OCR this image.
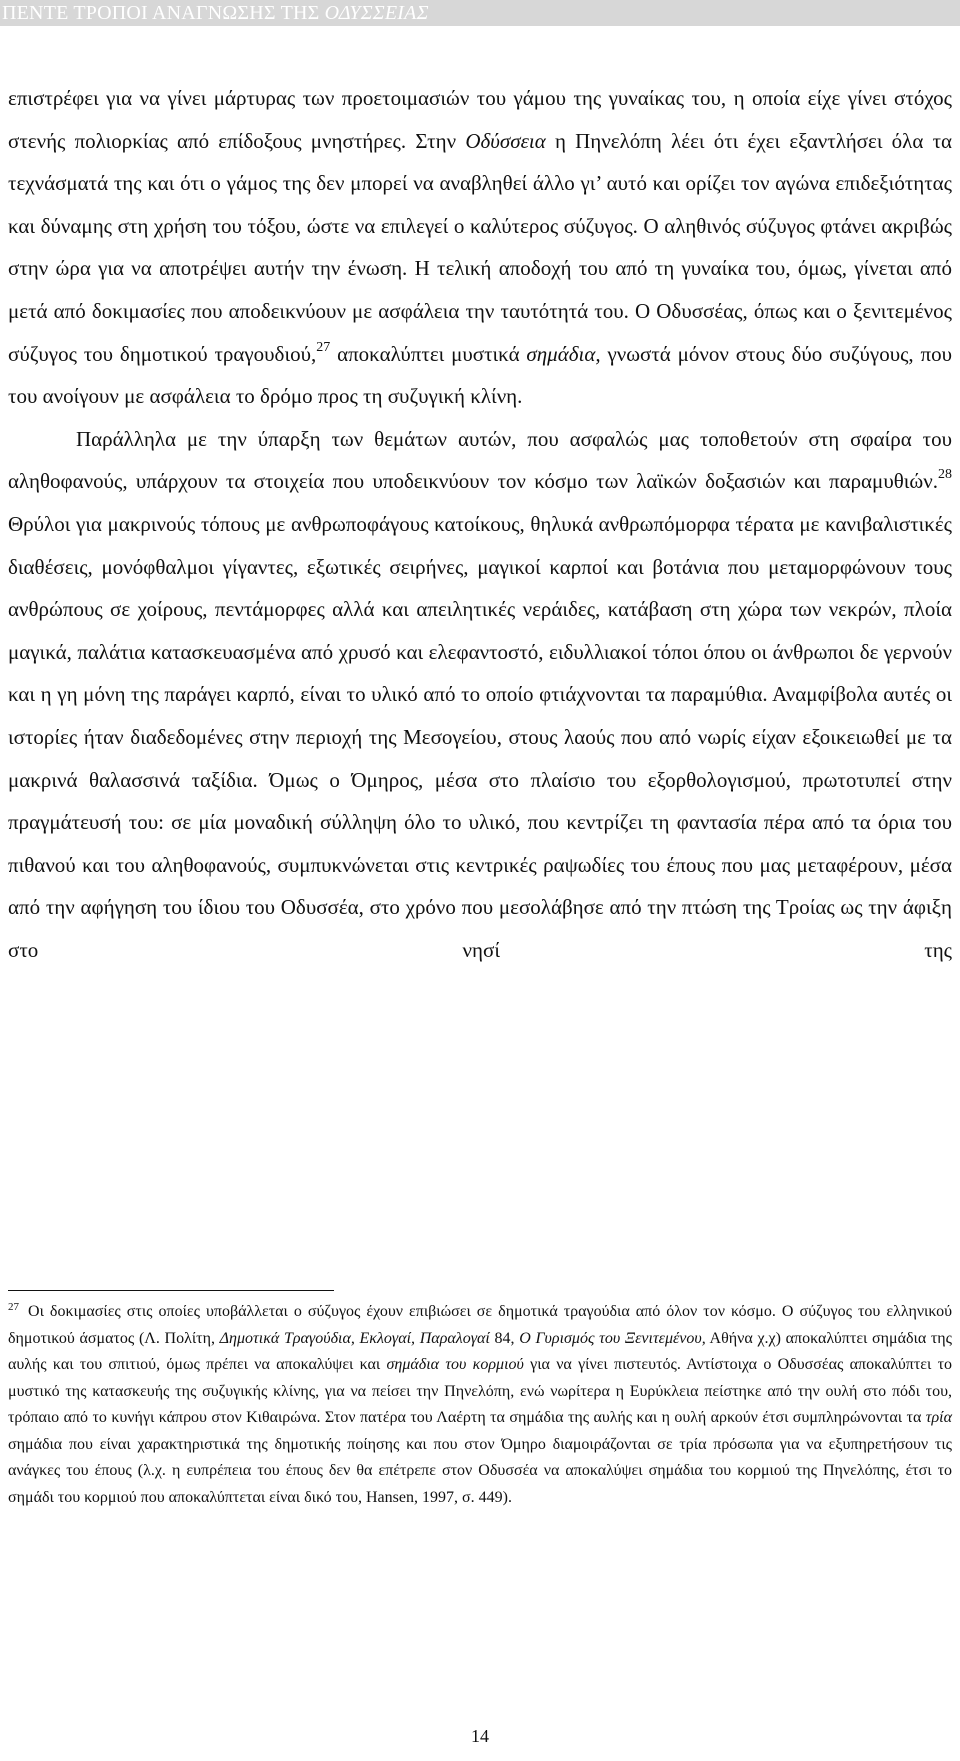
ΠΕΝΤΕ ΤΡΟΠΟΙ ΑΝΑΓΝΩΣΗΣ ΤΗΣ ΟΔΥΣΣΕΙΑΣ

επιστρέφει για να γίνει μάρτυρας των προετοιμασιών του γάμου της γυναίκας του, η οποία είχε γίνει στόχος στενής πολιορκίας από επίδοξους μνηστήρες. Στην Οδύσσεια η Πηνελόπη λέει ότι έχει εξαντλήσει όλα τα τεχνάσματά της και ότι ο γάμος της δεν μπορεί να αναβληθεί άλλο γι’ αυτό και ορίζει τον αγώνα επιδεξιότητας και δύναμης στη χρήση του τόξου, ώστε να επιλεγεί ο καλύτερος σύζυγος. Ο αληθινός σύζυγος φτάνει ακριβώς στην ώρα για να αποτρέψει αυτήν την ένωση. Η τελική αποδοχή του από τη γυναίκα του, όμως, γίνεται από μετά από δοκιμασίες που αποδεικνύουν με ασφάλεια την ταυτότητά του. Ο Οδυσσέας, όπως και ο ξενιτεμένος σύζυγος του δημοτικού τραγουδιού,$^{27}$ αποκαλύπτει μυστικά σημάδια, γνωστά μόνον στους δύο συζύγους, που του ανοίγουν με ασφάλεια το δρόμο προς τη συζυγική κλίνη.

Παράλληλα με την ύπαρξη των θεμάτων αυτών, που ασφαλώς μας τοποθετούν στη σφαίρα του αληθοφανούς, υπάρχουν τα στοιχεία που υποδεικνύουν τον κόσμο των λαϊκών δοξασιών και παραμυθιών.$^{28}$ Θρύλοι για μακρινούς τόπους με ανθρωποφάγους κατοίκους, θηλυκά ανθρωπόμορφα τέρατα με κανιβαλιστικές διαθέσεις, μονόφθαλμοι γίγαντες, εξωτικές σειρήνες, μαγικοί καρποί και βοτάνια που μεταμορφώνουν τους ανθρώπους σε χοίρους, πεντάμορφες αλλά και απειλητικές νεράιδες, κατάβαση στη χώρα των νεκρών, πλοία μαγικά, παλάτια κατασκευασμένα από χρυσό και ελεφαντοστό, ειδυλλιακοί τόποι όπου οι άνθρωποι δε γερνούν και η γη μόνη της παράγει καρπό, είναι το υλικό από το οποίο φτιάχνονται τα παραμύθια. Αναμφίβολα αυτές οι ιστορίες ήταν διαδεδομένες στην περιοχή της Μεσογείου, στους λαούς που από νωρίς είχαν εξοικειωθεί με τα μακρινά θαλασσινά ταξίδια. Όμως ο Όμηρος, μέσα στο πλαίσιο του εξορθολογισμού, πρωτοτυπεί στην πραγμάτευσή του: σε μία μοναδική σύλληψη όλο το υλικό, που κεντρίζει τη φαντασία πέρα από τα όρια του πιθανού και του αληθοφανούς, συμπυκνώνεται στις κεντρικές ραψωδίες του έπους που μας μεταφέρουν, μέσα από την αφήγηση του ίδιου του Οδυσσέα, στο χρόνο που μεσολάβησε από την πτώση της Τροίας ως την άφιξη στο νησί της

$^{27}$ Οι δοκιμασίες στις οποίες υποβάλλεται ο σύζυγος έχουν επιβιώσει σε δημοτικά τραγούδια από όλον τον κόσμο. Ο σύζυγος του ελληνικού δημοτικού άσματος (Λ. Πολίτη, Δημοτικά Τραγούδια, Εκλογαί, Παραλογαί 84, Ο Γυρισμός του Ξενιτεμένου, Αθήνα χ.χ) αποκαλύπτει σημάδια της αυλής και του σπιτιού, όμως πρέπει να αποκαλύψει και σημάδια του κορμιού για να γίνει πιστευτός. Αντίστοιχα ο Οδυσσέας αποκαλύπτει το μυστικό της κατασκευής της συζυγικής κλίνης, για να πείσει την Πηνελόπη, ενώ νωρίτερα η Ευρύκλεια πείστηκε από την ουλή στο πόδι του, τρόπαιο από το κυνήγι κάπρου στον Κιθαιρώνα. Στον πατέρα του Λαέρτη τα σημάδια της αυλής και η ουλή αρκούν έτσι συμπληρώνονται τα τρία σημάδια που είναι χαρακτηριστικά της δημοτικής ποίησης και που στον Όμηρο διαμοιράζονται σε τρία πρόσωπα για να εξυπηρετήσουν τις ανάγκες του έπους (λ.χ. η ευπρέπεια του έπους δεν θα επέτρεπε στον Οδυσσέα να αποκαλύψει σημάδια του κορμιού της Πηνελόπης, έτσι το σημάδι του κορμιού που αποκαλύπτεται είναι δικό του, Hansen, 1997, σ. 449).

14
